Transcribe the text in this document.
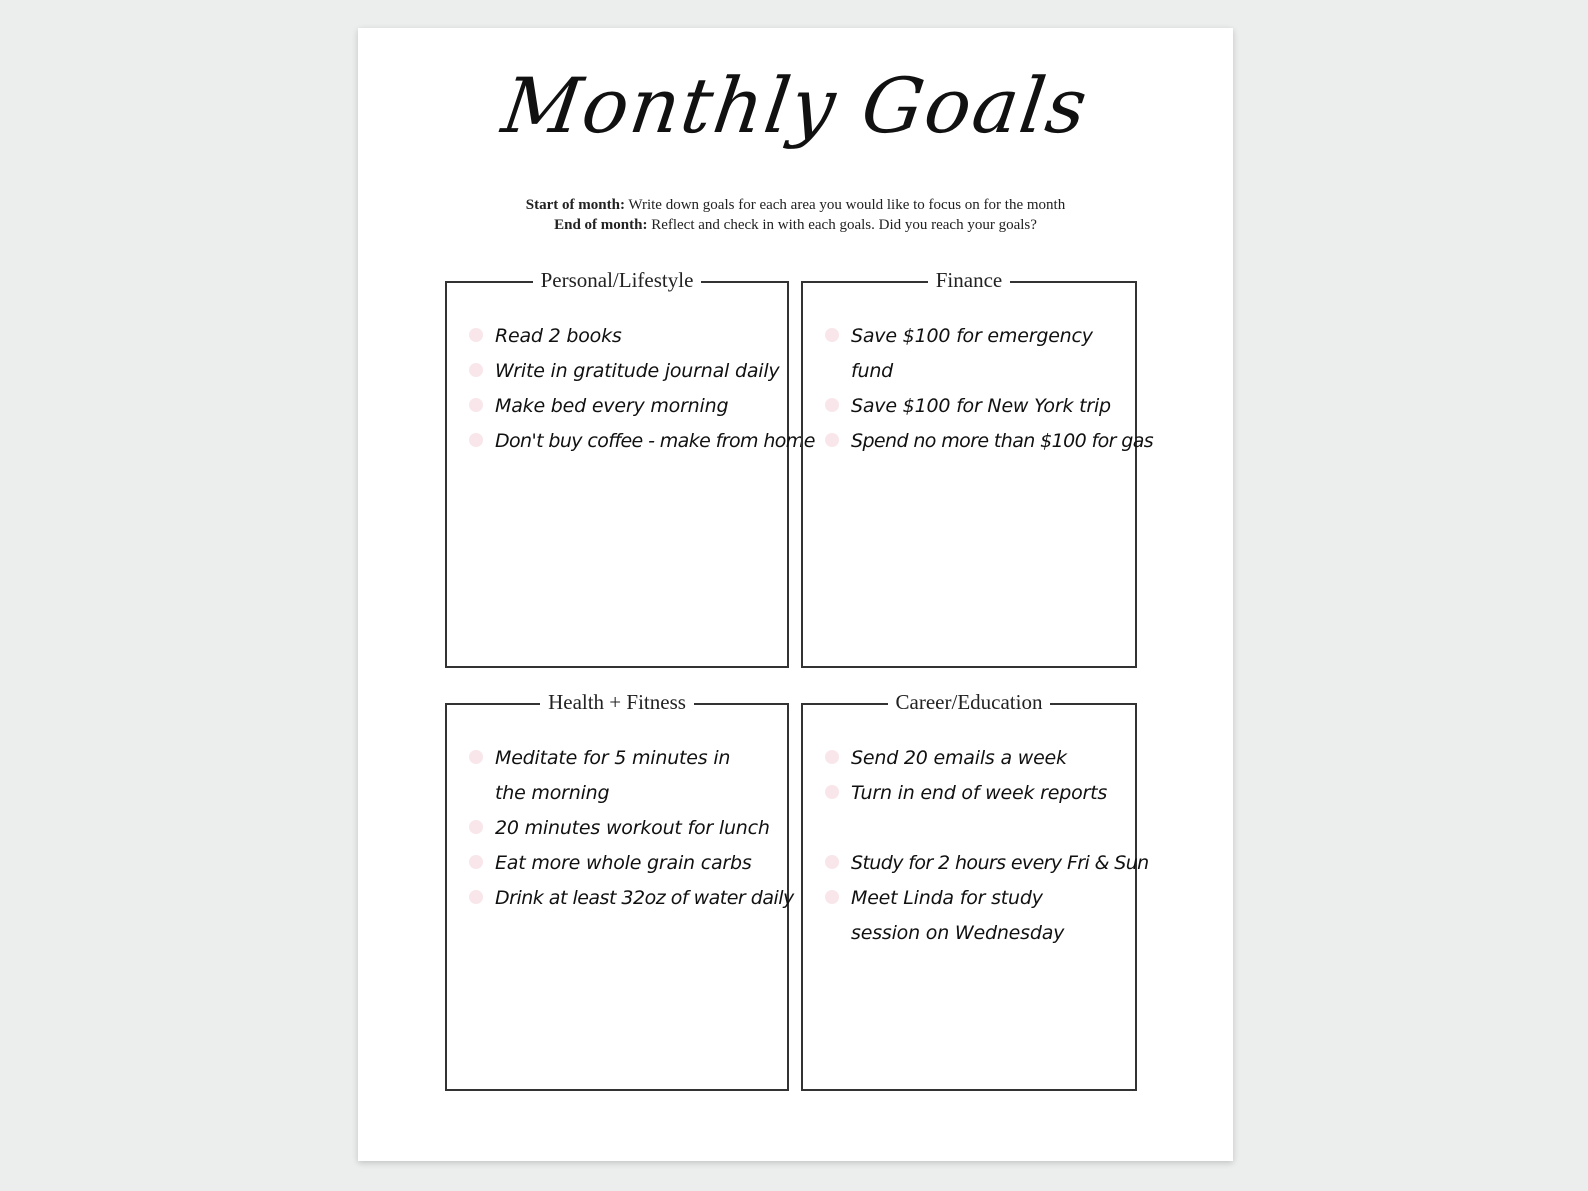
Monthly Goals
Start of month: Write down goals for each area you would like to focus on for the month
End of month: Reflect and check in with each goals. Did you reach your goals?
Personal/Lifestyle
Read 2 books
Write in gratitude journal daily
Make bed every morning
Don't buy coffee - make from home
Finance
Save $100 for emergency fund
Save $100 for New York trip
Spend no more than $100 for gas
Health + Fitness
Meditate for 5 minutes in the morning
20 minutes workout for lunch
Eat more whole grain carbs
Drink at least 32oz of water daily
Career/Education
Send 20 emails a week
Turn in end of week reports
Study for 2 hours every Fri & Sun
Meet Linda for study session on Wednesday
